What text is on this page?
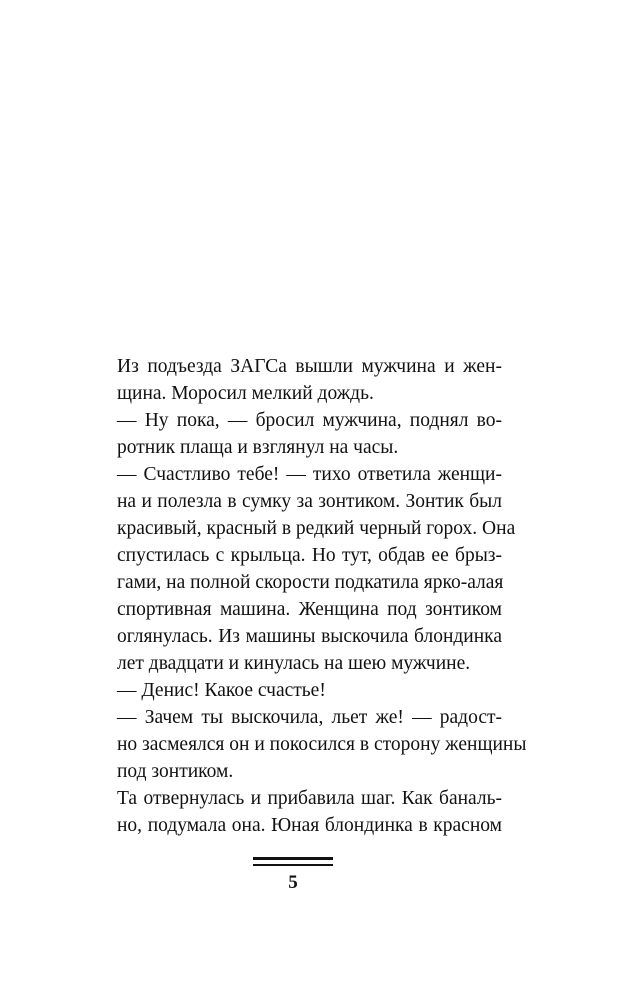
Из подъезда ЗАГСа вышли мужчина и жен-
щина. Моросил мелкий дождь.
— Ну пока, — бросил мужчина, поднял во-
ротник плаща и взглянул на часы.
— Счастливо тебе! — тихо ответила женщи-
на и полезла в сумку за зонтиком. Зонтик был
красивый, красный в редкий черный горох. Она
спустилась с крыльца. Но тут, обдав ее брыз-
гами, на полной скорости подкатила ярко-алая
спортивная машина. Женщина под зонтиком
оглянулась. Из машины выскочила блондинка
лет двадцати и кинулась на шею мужчине.
— Денис! Какое счастье!
— Зачем ты выскочила, льет же! — радост-
но засмеялся он и покосился в сторону женщины
под зонтиком.
Та отвернулась и прибавила шаг. Как баналь-
но, подумала она. Юная блондинка в красном
5
